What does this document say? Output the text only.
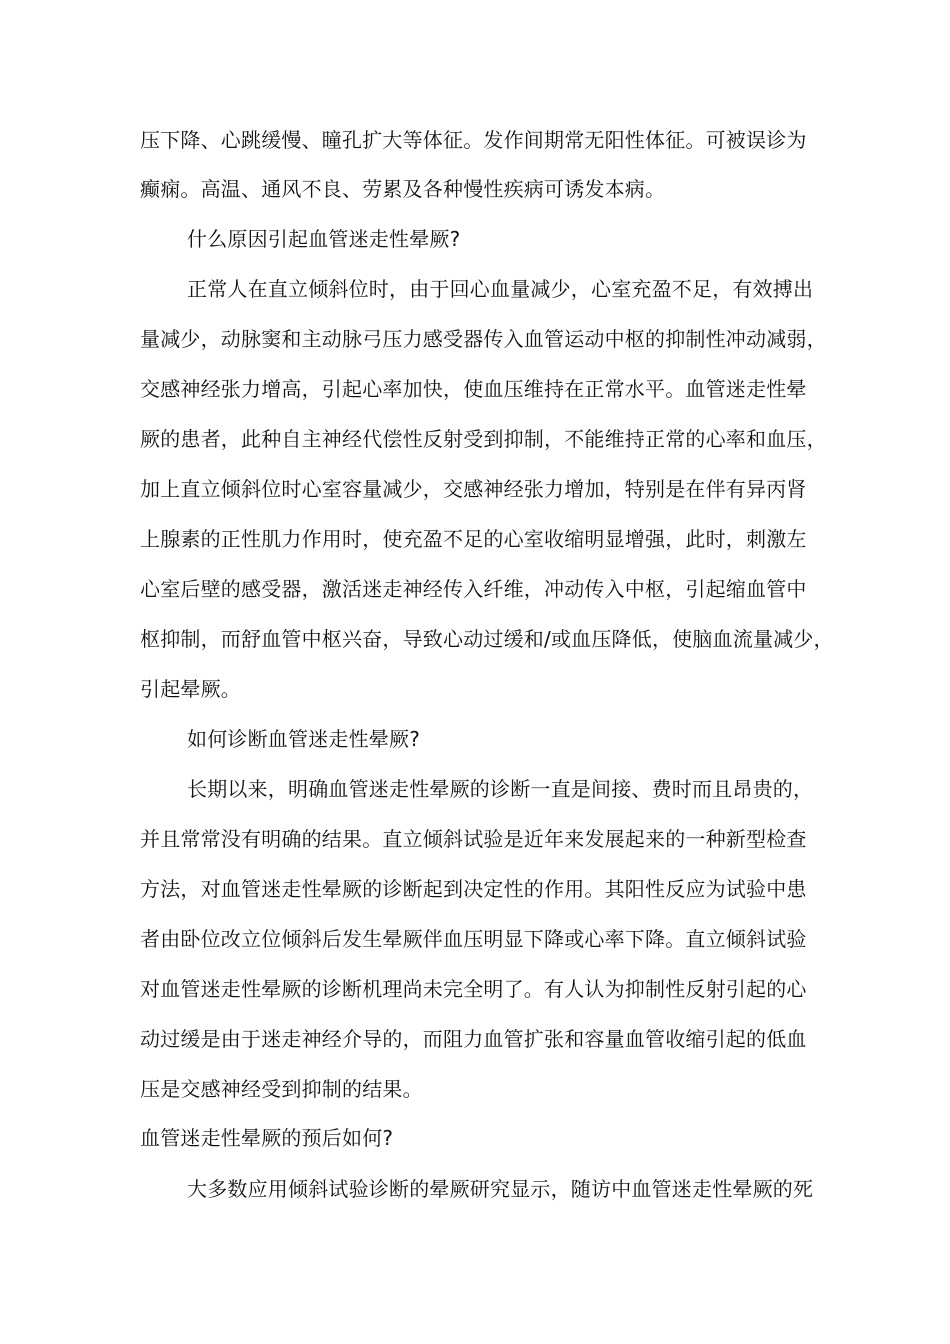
压下降、心跳缓慢、瞳孔扩大等体征。发作间期常无阳性体征。可被误诊为
癫痫。高温、通风不良、劳累及各种慢性疾病可诱发本病。
什么原因引起血管迷走性晕厥?
正常人在直立倾斜位时，由于回心血量减少，心室充盈不足，有效搏出
量减少，动脉窦和主动脉弓压力感受器传入血管运动中枢的抑制性冲动减弱，
交感神经张力增高，引起心率加快，使血压维持在正常水平。血管迷走性晕
厥的患者，此种自主神经代偿性反射受到抑制，不能维持正常的心率和血压，
加上直立倾斜位时心室容量减少，交感神经张力增加，特别是在伴有异丙肾
上腺素的正性肌力作用时，使充盈不足的心室收缩明显增强，此时，刺激左
心室后壁的感受器，激活迷走神经传入纤维，冲动传入中枢，引起缩血管中
枢抑制，而舒血管中枢兴奋，导致心动过缓和/或血压降低，使脑血流量减少，
引起晕厥。
如何诊断血管迷走性晕厥?
长期以来，明确血管迷走性晕厥的诊断一直是间接、费时而且昂贵的，
并且常常没有明确的结果。直立倾斜试验是近年来发展起来的一种新型检查
方法，对血管迷走性晕厥的诊断起到决定性的作用。其阳性反应为试验中患
者由卧位改立位倾斜后发生晕厥伴血压明显下降或心率下降。直立倾斜试验
对血管迷走性晕厥的诊断机理尚未完全明了。有人认为抑制性反射引起的心
动过缓是由于迷走神经介导的，而阻力血管扩张和容量血管收缩引起的低血
压是交感神经受到抑制的结果。
血管迷走性晕厥的预后如何?
大多数应用倾斜试验诊断的晕厥研究显示，随访中血管迷走性晕厥的死
